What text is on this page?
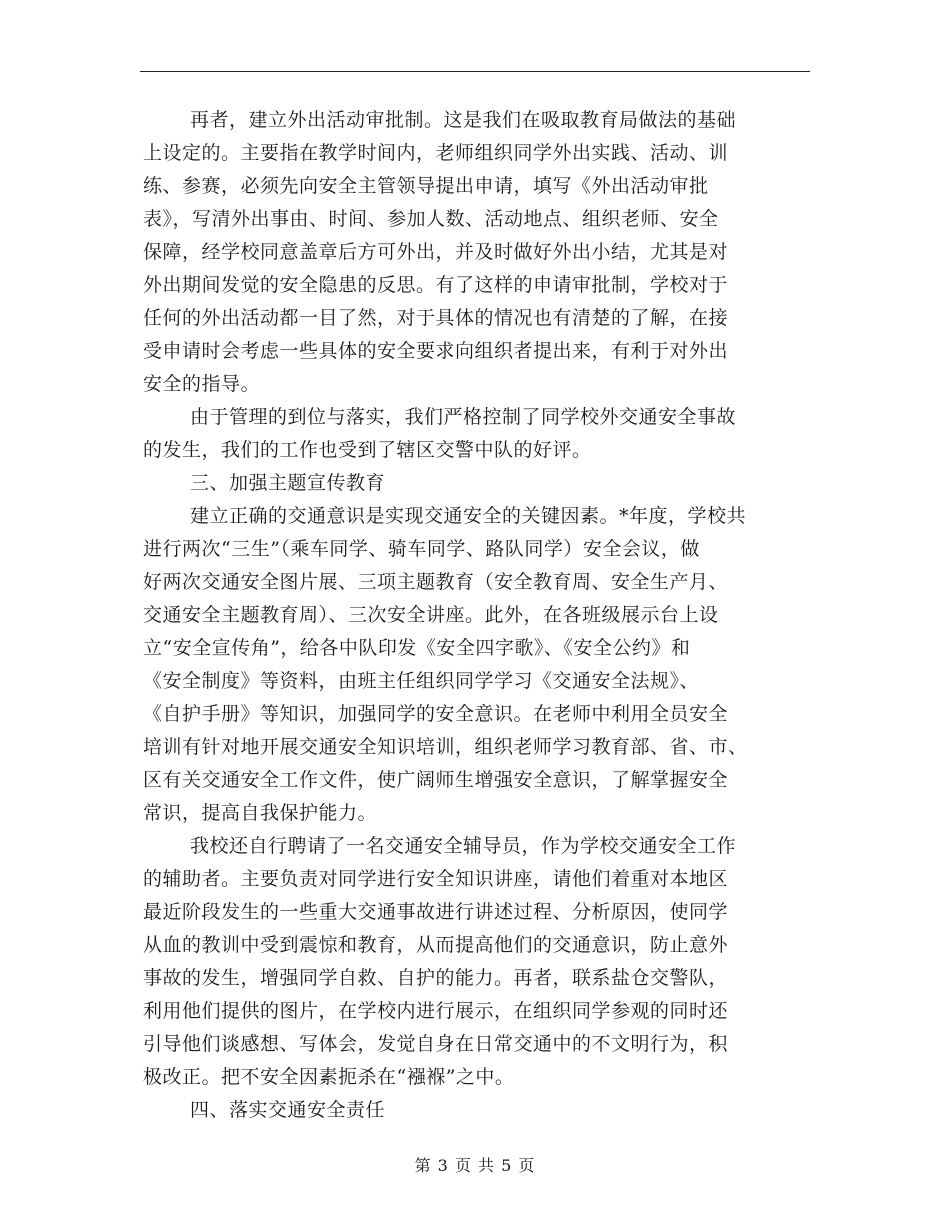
再者，建立外出活动审批制。这是我们在吸取教育局做法的基础
上设定的。主要指在教学时间内，老师组织同学外出实践、活动、训
练、参赛，必须先向安全主管领导提出申请，填写《外出活动审批
表》，写清外出事由、时间、参加人数、活动地点、组织老师、安全
保障，经学校同意盖章后方可外出，并及时做好外出小结，尤其是对
外出期间发觉的安全隐患的反思。有了这样的申请审批制，学校对于
任何的外出活动都一目了然，对于具体的情况也有清楚的了解，在接
受申请时会考虑一些具体的安全要求向组织者提出来，有利于对外出
安全的指导。

由于管理的到位与落实，我们严格控制了同学校外交通安全事故
的发生，我们的工作也受到了辖区交警中队的好评。

三、加强主题宣传教育

建立正确的交通意识是实现交通安全的关键因素。*年度，学校共
进行两次“三生”（乘车同学、骑车同学、路队同学）安全会议，做
好两次交通安全图片展、三项主题教育（安全教育周、安全生产月、
交通安全主题教育周）、三次安全讲座。此外，在各班级展示台上设
立“安全宣传角”，给各中队印发《安全四字歌》、《安全公约》和
《安全制度》等资料，由班主任组织同学学习《交通安全法规》、
《自护手册》等知识，加强同学的安全意识。在老师中利用全员安全
培训有针对地开展交通安全知识培训，组织老师学习教育部、省、市、
区有关交通安全工作文件，使广阔师生增强安全意识，了解掌握安全
常识，提高自我保护能力。

我校还自行聘请了一名交通安全辅导员，作为学校交通安全工作
的辅助者。主要负责对同学进行安全知识讲座，请他们着重对本地区
最近阶段发生的一些重大交通事故进行讲述过程、分析原因，使同学
从血的教训中受到震惊和教育，从而提高他们的交通意识，防止意外
事故的发生，增强同学自救、自护的能力。再者，联系盐仓交警队，
利用他们提供的图片，在学校内进行展示，在组织同学参观的同时还
引导他们谈感想、写体会，发觉自身在日常交通中的不文明行为，积
极改正。把不安全因素扼杀在“襁褓”之中。

四、落实交通安全责任

第 3 页 共 5 页
